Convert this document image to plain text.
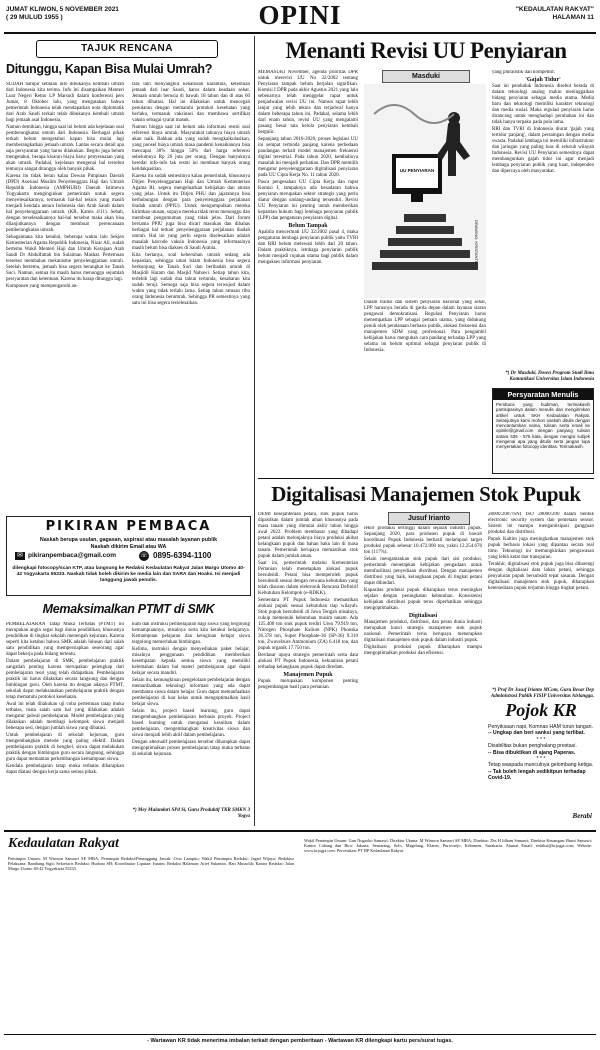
JUMAT KLIWON, 5 NOVEMBER 2021
( 29 MULUD 1955 )	OPINI	"KEDAULATAN RAKYAT"
HALAMAN 11
TAJUK RENCANA
Ditunggu, Kapan Bisa Mulai Umrah?

SUDAH hampir sebulan info dibukanya kembali umrah dari Indonesia kita terima. Info ini disampaikan Menteri Luar Negeri Retno LP Marsudi dalam konferensi pers Jumat, 8 Oktober lalu, yang mengatakan bahwa pemerintah Indonesia telah mendapatkan nota diplomatik dari Arab Saudi terkait telah dibukanya kembali umrah bagi jemaah asal Indonesia.

Namun demikian, hingga saat ini belum ada kejelasan soal pemberangkatan umrah dari Indonesia. Berbagai pihak terkait belum mengetahui kapan bisa mulai lagi memberangkatkan jemaah umrah. Lantas secara detail apa saja persyaratan yang harus dilakukan. Begitu juga belum mengetahui, berapa kisaran biaya baru/ penyesuaian yang akan umrah. Padahal, kejelasan mengenai hal tersebut tentunya sangat ditunggu oleh banyak pihak.

Karena itu tidak heran kalau Dewan Pimpinan Daerah (DPD) Asosiasi Muslim Penyelenggara Haji dan Umrah Republik Indonesia (AMPHURI) Daerah Istimewa Yogyakarta menginginkan pemerintah untuk segera menyelesaikannya, termasuk hal-hal teknis yang masih menjadi kendala antara Indonesia dan Arab Saudi dalam hal penyelenggaraan umrah. (KR, Kamis 4/11). Sebab, dengan terselesaikannya hal-hal tersebut maka akan bisa dilanjutkannya dengan membuat perencanaan pemberangkatan umrah.

Sebagaimana kita ketahui, beberapa waktu lalu Sekjen Kementerian Agama Republik Indonesia, Nizar Ali, sudah bertemu Wakil Menteri Haji dan Umrah Kerajaan Arab Saudi Dr Abdulfattah bin Sulaiman Mashat. Pertemuan tersebut membahas mekanisme penyelenggaraan umrah. Setelah bertemu, jemaah bisa segera berangkat ke Tanah Suci. Namun, semua itu masih harus menunggu sejumlah persyaratan dan ketentuan. Karena itu harap ditunggu lagi.

Komponen yang mempengaruhi an-

tara lain menyangkut keharusan karantina, ketentuan jemaah dari luar Saudi, harus dalam keadaan sehat. Jemaah umrah berusia di bawah 18 tahun dan di atas 60 tahun dibatasi. Hal ini dilakukan untuk mencegah penularan dengan mematuhi protokol kesehatan yang berlaku, termasuk vaksinasi dan membawa sertifikat vaksin sebagai syarat masuk.

Namun hingga saat ini belum ada informasi resmi soal referensi biaya umrah. Masyarakat tahunya biaya umrah akan naik. Bahkan ada yang sudah mengkalkulasikan, yang ponsel biaya umrah masa pandemi kenaikannya bisa mencapai 30% hingga 50% dari harga referensi sebelumnya Rp 26 juta per orang. Dengan banyaknya beredar info-info tak resmi ini membuat banyak orang ketidakpastian.

Karena itu sudah semestinya kalau pemerintah, khususnya Ditjen Penyelenggaraan Haji dan Umrah Kementerian Agama RI, segera mengeluarkan kebijakan dan aturan yang jelas. Untuk itu Ditjen PHU dan jajarannya bisa berhubungan dengan para penyelenggara perjalanan ibadah umrah (PPIU). Untuk mengumpulkan mereka kirimkan utusan, supaya mereka tidak terus menunggu dan membuat pengumuman yang tidak jelas. Dari forum bersama PPIU juga bisa dicari masukan dan dibahas berbagai hal terkait penyelenggaraan perjalanan ibadah umrah. Hal ini yang perlu segera diselesaikan adalah masalah karcode vaksin Indonesia yang informasinya masih belum bisa diakses di Saudi Arabia.

Kita bertanya, soal kebersihan umrah sedang ada kepastian, sehingga umat Islam Indonesia bisa segera berkunjung ke Tanah Suci dan beribadah umrah di Masjidil Haram dan Masjid Nabawi. Setiap tahun kita, terlebih lagi sudah dua tahun tertunda, kesabaran kita sudah teruji. Semoga saja bisa segera terwujud dalam waktu yang tidak terlalu lama. Setiap tahun ratusan ribu orang Indonesia berumrah. Sehingga PR semestinya yang satu ini bisa segera terselesaikan.

PIKIRAN PEMBACA
Naskah berupa usulan, gagasan, aspirasi atau masalah layanan publik
Naskah dikirim Email atau WA
✉ pikiranpembaca@gmail.com	☏ 0895-6394-1100
dilengkapi fotocopy/scan KTP, atau langsung ke Redaksi Kedaulatan Rakyat Jalan Margo Utomo 40-42 Yogyakarta 55233. Naskah tidak boleh dikirim ke media lain dan SARA dan Hoaks. Isi menjadi tanggung jawab penulis.
Memaksimalkan PTMT di SMK

PEMBELAJARAN Tatap Muka Terbatas (PTMT) ini merupakan angin segar bagi dunia pendidikan, khususnya pendidikan di tingkat sekolah menengah kejuruan. Karena seperti kita ketahui bahwa SMK adalah lulusan dari salah satu pendidikan yang mempersiapkan seseorang agar dapat bekerja pada bidang tertentu.

Dalam pembelajaran di SMK, pembelajaran praktik sangatlah penting karena merupakan pelengkap dari pembelajaran teori yang telah didapatkan. Pembelajaran praktik ini harus dilakukan secara langsung dan dengan bimbingan guru. Oleh karena itu dengan adanya PTMT, sekolah dapat melaksanakan pembelajaran praktik dengan tetap mematuhi protokol kesehatan.

Awal ini telah dilakukan uji coba pertemuan tatap muka terbatas, mata salah satu hal yang dilakukan adalah mengatur jadwal pembelajaran. Model pembelajaran yang dilakukan adalah membagi kelompok siswa menjadi beberapa sesi, dengan jumlah siswa yang dibatasi.

Untuk pembelajaran di sekolah kejuruan, guru mengembangkan metode yang paling efektif. Dalam pembelajaran praktik di bengkel, siswa dapat melakukan praktik dengan bimbingan guru secara langsung, sehingga guru dapat memantau perkembangan kemampuan siswa.

Kendala pembelajaran tatap muka terbatas diharapkan dapat diatasi dengan kerja sama semua pihak.

kum dan instruksi pembelajaran bagi siswa yang tergolong kemampuannya, misalnya serta kita ketahui belajarnya. Kemampuan pelajaran dan keinginan belajar siswa tergolong memerlukan bimbingan.

Kelima, instruksi dengan menyediakan paket belajar, misalnya penggunaan pendidikan memberikan kesempatan kepada semua siswa yang memiliki kelemahan dalam hal materi pembelajaran agar dapat belajar secara mandiri.

Selain itu, kemungkinan pengelolaan pembelajaran dengan memanfaatkan teknologi informasi yang ada dapat membantu siswa dalam belajar. Guru dapat memanfaatkan pembelajaran di luar kelas untuk mengoptimalkan hasil belajar siswa.

Selain itu, project based learning, guru dapat mengembangkan pembelajaran berbasis proyek. Project based learning untuk mengatasi kesulitan dalam pembelajaran, mengembangkan kreativitas siswa dan siswa menjadi lebih aktif dalam pembelajaran.

Dengan alternatif pembelajaran tersebut diharapkan dapat mengoptimalkan proses pembelajaran tatap muka terbatas di sekolah kejuruan.

*) Mey Mulandari SPd Si, Guru Produktif TKR SMKN 3 Yogya
Menanti Revisi UU Penyiaran

MEMASUKI November, agenda prioritas DPR untuk merevisi UU No 32/2002 tentang Penyiaran tampak belum berjalan signifikan. Komisi I DPR pada akhir Agustus 2021 yang lalu sebenarnya telah menggelar rapat untuk penjadwalan revisi UU ini. Namun rapat lebih lanjut yang lebih teknis dan terjadwal hanya dalam beberapa tahun ini. Padahal, selama lebih dari enam tahun, revisi UU yang mengalami pasang besar tata kelola penyiaran kembali bergulir.

Sepanjang tahun 2016-2020, proses legislasi UU ini sempat tertunda panjang karena perbedaan pandangan terkait model manajemen frekuensi digital terestrial. Pada tahun 2020, kembalinya masalah ini menjadi perhatian. Dan DPR memilih mengatur penyelenggaraan digitalisasi penyiaran pada UU Cipta Kerja No. 11 tahun 2020.

Pasca pengesahan UU Cipta Kerja dan rapat Komisi I, tampaknya ada kesadaran bahwa penyiaran merupakan sektor strategis yang perlu diatur dengan undang-undang tersendiri. Revisi UU Penyiaran ini penting untuk memberikan kepastian hukum bagi lembaga penyiaran publik (LPP) dan pengaturan penyiaran digital.

Belum Tampak

Apabila mencermati UU 32/2002 pasal 4, maka pengaturan lembaga penyiaran publik yaitu TVRI dan RRI belum melewati lebih dari 20 tahun. Dalam praktiknya, lembaga penyiaran publik belum menjadi rujukan utama bagi publik dalam mengakses informasi penyiaran.

Masduki
UU PENYIARAN
DRAWING: KRISTANTO

Dalam tradisi dan sistem penyiaran nasional yang sehat, LPP harusnya berada di garda depan dalam layanan siaran pengawal demokratisasi. Regulasi Penyiaran harus menempatkan LPP sebagai pemain utama, yang didukung penuh oleh pendanaan berbasis publik, alokasi frekuensi dan manajemen SDM yang profesional. Para pengambil kebijakan harus mengubah cara pandang terhadap LPP yang selama ini belum optimal sebagai penyiaran publik di Indonesia.

yang pluralistik dan kompetitif.

'Gajah Tidur'

Saat ini penduduk Indonesia disebut berada di dalam teknologi analog makin meninggalkan bidang penyiaran sebagai media utama. Media baru dan teknologi memiliki karakter teknologi dan media sosial. Maka regulasi penyiaran harus dirancang untuk menghadapi perubahan ini dan tidak hanya terpaku pada pola lama.

RRI dan TVRI di Indonesia diurat 'gajah yang tertidur panjang', dalam persaingan dengan media swasta. Padahal lembaga ini memiliki infrastruktur dan jaringan yang paling luas di seluruh wilayah Indonesia. Revisi UU Penyiaran semestinya dapat membangunkan gajah tidur ini agar menjadi lembaga penyiaran publik yang kuat, independen dan dipercaya oleh masyarakat.

*) Dr Masduki, Dosen Program Studi Ilmu Komunikasi Universitas Islam Indonesia
Persyaratan Menulis
Pembaca yang budiman, terimakasih partisipasinya dalam menulis dan mengirimkan artikel untuk SKH Kedaulatan Rakyat. Selanjutnya kami mohon naskah ditulis dengan mencantumkan nama, tulisan serta email ke opinikr@gmail.com dengan panjang tulisan antara 535 - 575 kata, dengan mengisi subjek mengenai apa yang ditulis serta jangan lupa menyertakan fotocopy identitas. Terimakasih.
Digitalisasi Manajemen Stok Pupuk

DEMI kesejahteraan petani, stok pupuk harus dipastikan dalam jumlah aman khususnya pada masa tanam yang dimulai akhir tahun hingga awal 2022. Problem membasar yang dihadapi petani adalah melonjaknya biaya produksi akibat kelangkaan pupuk dan bahan baku lain di masa tanam. Pemerintah berupaya memastikan stok pupuk dalam jumlah aman.

Saat ini, pemerintah melalui Kementerian Pertanian telah menetapkan alokasi pupuk bersubsidi. Petani bisa memperoleh pupuk bersubsidi sesuai dengan rencana kebutuhan yang telah disusun dalam elektronik Rencana Definitif Kebutuhan Kelompok (e-RDKK).

Sementara PT Pupuk Indonesia memastikan alokasi pupuk sesuai kebutuhan tiap wilayah. Stok pupuk bersubsidi di Jawa Tengah misalnya, cukup memenuhi kebutuhan musim tanam. Ada 125.400 ton stok pupuk terdiri Urea 79.919 ton, Nitrogen Phosphate Kalium (NPK) Phonska 36.378 ton, Super Phosphate-36 (SP-36) 9.310 ton, Zwavelzure Ammonium (ZA) 6.418 ton, dan pupuk organik 17.750 ton.

Berdasar upaya strategis pemerintah serta data alokasi PT Pupuk Indonesia, kekuatiran petani terhadap kelangkaan pupuk dapat diredam.

Manajemen Pupuk

Pupuk merupakan komponen penting pengembangan hasil para pertanian.

Jusuf Irianto

rekor produksi tertinggi dalam sejarah industri pupuk. Sepanjang 2020, para produsen pupuk di bawah koordinasi Pupuk Indonesia berhasil melampaui target produksi pupuk sebesar 10.472.000 ton, yakni 12.254.676 ton (117%).

Selain mengamankan stok pupuk dari sisi produksi, pemerintah menetapkan kebijakan pengadaan untuk memfasilitasi penyediaan distribusi. Dengan manajemen distribusi yang baik, kelangkaan pupuk di tingkat petani dapat dihindari.

Kapasitas produksi pupuk diharapkan terus meningkat sejalan dengan peningkatan kebutuhan. Konsistensi kebijakan distribusi pupuk terus diperhatikan sehingga mengoptimalkan.

Digitalisasi

Manajemen produksi, distribusi, dan peran dunia industri merupakan kunci strategis manajemen stok pupuk nasional. Pemerintah terus berupaya menerapkan digitalisasi manajemen stok pupuk dalam industri pupuk.

Digitalisasi produksi pupuk diharapkan mampu mengoptimalkan produksi dan efisiensi.

28000:2007/SNI ISO 28000:200 dalam bentuk electronic security system dan pemetaan sensor. Sistem ini mampu mengantisipasi gangguan produksi dan distribusi.

Pupuk Kaltim juga meningkatkan manajemen stok pupuk berbasis lokasi yang dipantau secara real time. Teknologi ini memungkinkan pengawasan yang lebih ketat dan transparan.

Terakhir, digitalisasi stok pupuk juga bisa dibarengi dengan digitalisasi data lahan petani, sehingga penyaluran pupuk bersubsidi tepat sasaran. Dengan digitalisasi manajemen stok pupuk, diharapkan ketersediaan pupuk terjamin hingga tingkat petani.

*) Prof Dr Jusuf Irianto MCom, Guru Besar Dep Administrasi Publik FISIP Universitas Airlangga.
Pojok KR
Penyiksaan napi, Komnas HAM turun tangan.
-- Ungkap dan beri sanksi yang terlibat.
* * *
Disabilitas bukan penghalang prestasi.
-- Bisa dibuktikan di ajang Paperas.
* * *
Tetap waspada munculnya gelombang ketiga.
-- Tak boleh lengah sedikitpun terhadap Covid-19.
Berabi
Kedaulatan Rakyat
Pemimpin Umum: M Wirmon Samawi SE MBA; Pemimpin Redaksi/Penanggung Jawab: Octo Lampito; Wakil Pemimpin Redaksi: Jagad Wijaya; Redaktur Pelaksana: Bambang Sigit; Sekretaris Redaksi: Hudono SH; Koordinator Liputan: Isnaini; Redaksi Halaman: Arief Sukamto, Hari Mustolih; Kantor Redaksi: Jalan Margo Utomo 40-42 Yogyakarta 55233.
Wakil Pemimpin Umum: Gun Nugroho Samawi; Direktur Utama: M Wirmon Samawi SE MBA; Direktur: Drs H Idham Samawi; Direktur Keuangan: Bumi Samawi; Kantor Cabang dan Biro: Jakarta, Semarang, Solo, Magelang, Klaten, Purworejo, Kebumen, Surakarta. Alamat Email: redaksi@krjogja.com; Website: www.krjogja.com. Percetakan: PT BP Kedaulatan Rakyat.
- Wartawan KR tidak menerima imbalan terkait dengan pemberitaan - Wartawan KR dilengkapi kartu pers/surat tugas.
